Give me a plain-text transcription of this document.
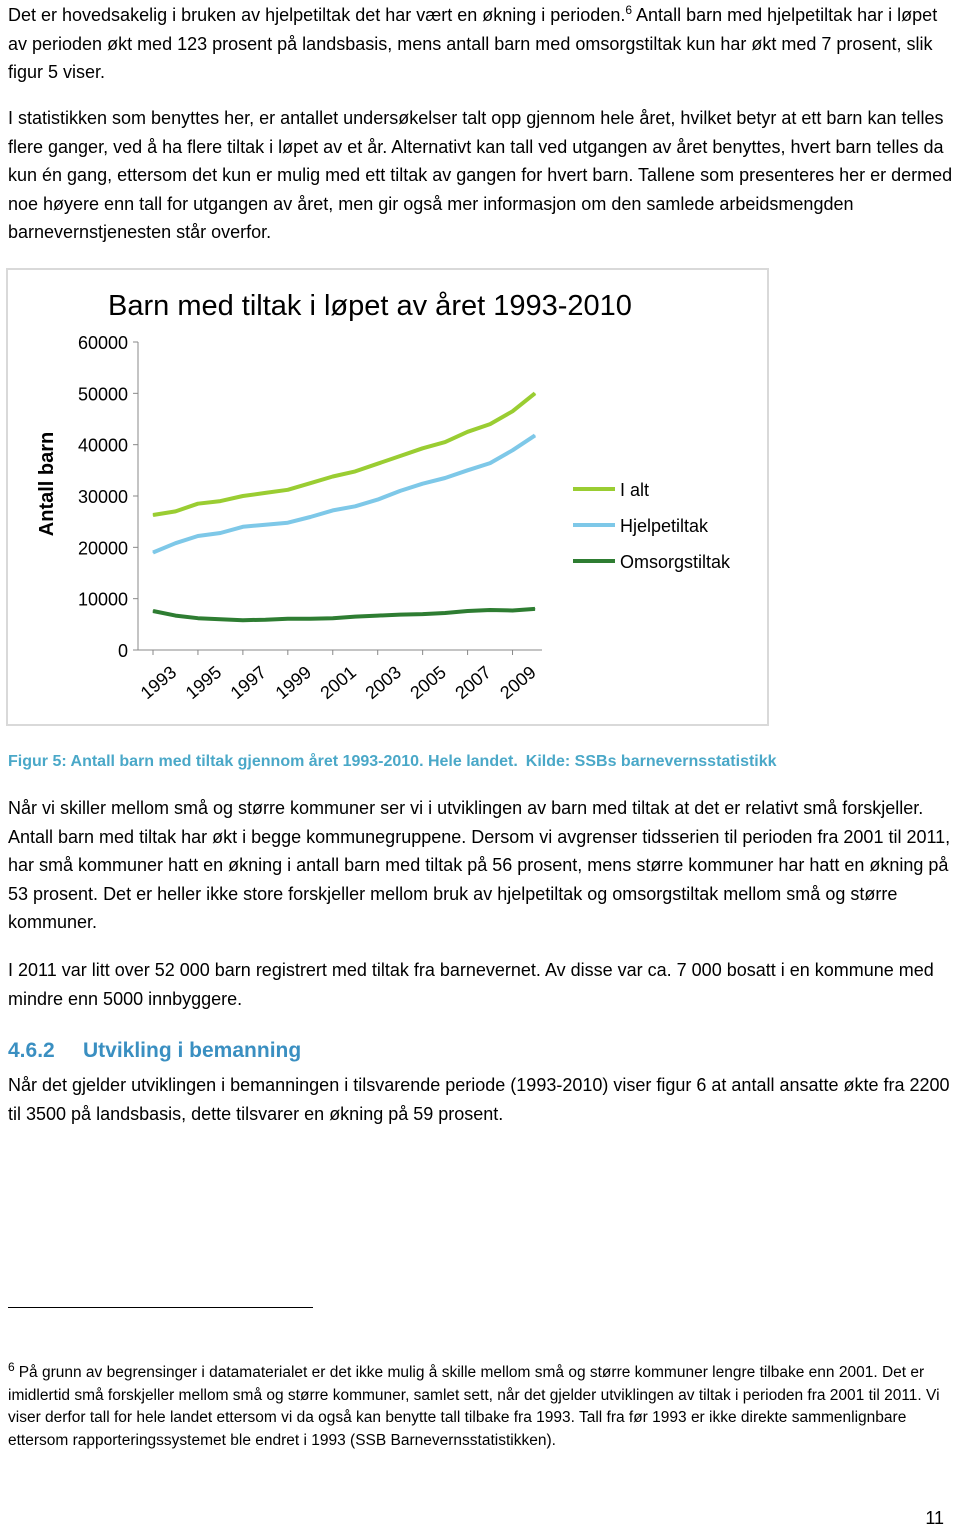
Det er hovedsakelig i bruken av hjelpetiltak det har vært en økning i perioden.$^6$ Antall barn med hjelpetiltak har i løpet av perioden økt med 123 prosent på landsbasis, mens antall barn med omsorgstiltak kun har økt med 7 prosent, slik figur 5 viser.

I statistikken som benyttes her, er antallet undersøkelser talt opp gjennom hele året, hvilket betyr at ett barn kan telles flere ganger, ved å ha flere tiltak i løpet av et år. Alternativt kan tall ved utgangen av året benyttes, hvert barn telles da kun én gang, ettersom det kun er mulig med ett tiltak av gangen for hvert barn. Tallene som presenteres her er dermed noe høyere enn tall for utgangen av året, men gir også mer informasjon om den samlede arbeidsmengden barnevernstjenesten står overfor.

Barn med tiltak i løpet av året 1993-2010
Antall barn
0
10000
20000
30000
40000
50000
60000
1993 1995 1997 1999 2001 2003 2005 2007 2009
I alt
Hjelpetiltak
Omsorgstiltak
Figur 5: Antall barn med tiltak gjennom året 1993-2010. Hele landet. Kilde: SSBs barnevernsstatistikk

Når vi skiller mellom små og større kommuner ser vi i utviklingen av barn med tiltak at det er relativt små forskjeller. Antall barn med tiltak har økt i begge kommunegruppene. Dersom vi avgrenser tidsserien til perioden fra 2001 til 2011, har små kommuner hatt en økning i antall barn med tiltak på 56 prosent, mens større kommuner har hatt en økning på 53 prosent. Det er heller ikke store forskjeller mellom bruk av hjelpetiltak og omsorgstiltak mellom små og større kommuner.

I 2011 var litt over 52 000 barn registrert med tiltak fra barnevernet. Av disse var ca. 7 000 bosatt i en kommune med mindre enn 5000 innbyggere.

4.6.2 Utvikling i bemanning

Når det gjelder utviklingen i bemanningen i tilsvarende periode (1993-2010) viser figur 6 at antall ansatte økte fra 2200 til 3500 på landsbasis, dette tilsvarer en økning på 59 prosent.

$^6$ På grunn av begrensinger i datamaterialet er det ikke mulig å skille mellom små og større kommuner lengre tilbake enn 2001. Det er imidlertid små forskjeller mellom små og større kommuner, samlet sett, når det gjelder utviklingen av tiltak i perioden fra 2001 til 2011. Vi viser derfor tall for hele landet ettersom vi da også kan benytte tall tilbake fra 1993. Tall fra før 1993 er ikke direkte sammenlignbare ettersom rapporteringssystemet ble endret i 1993 (SSB Barnevernsstatistikken).

11
